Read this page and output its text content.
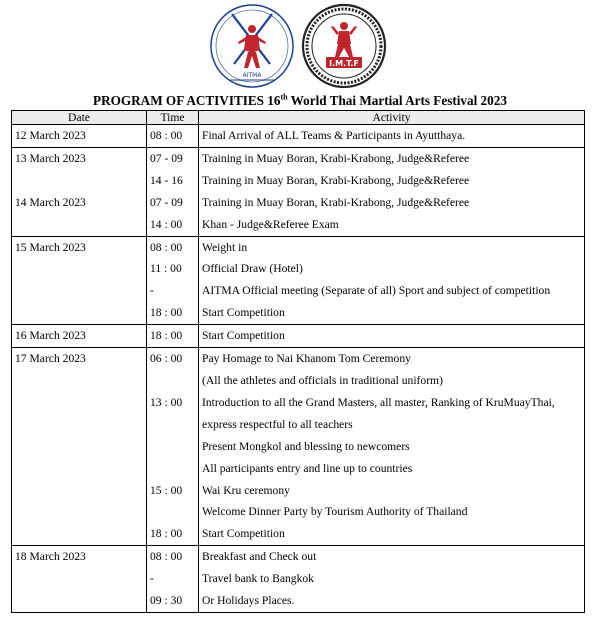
AITMA
I.M.T.F
PROGRAM OF ACTIVITIES 16th World Thai Martial Arts Festival 2023
Date	Time	Activity
12 March 2023	08 : 00	Final Arrival of ALL Teams & Participants in Ayutthaya.
13 March 2023	07 - 09	Training in Muay Boran, Krabi-Krabong, Judge&Referee
	14 - 16	Training in Muay Boran, Krabi-Krabong, Judge&Referee
14 March 2023	07 - 09	Training in Muay Boran, Krabi-Krabong, Judge&Referee
	14 : 00	Khan - Judge&Referee Exam
15 March 2023	08 : 00	Weight in
	11 : 00	Official Draw (Hotel)
	-	AITMA Official meeting (Separate of all) Sport and subject of competition
	18 : 00	Start Competition
16 March 2023	18 : 00	Start Competition
17 March 2023	06 : 00	Pay Homage to Nai Khanom Tom Ceremony
		(All the athletes and officials in traditional uniform)
	13 : 00	Introduction to all the Grand Masters, all master, Ranking of KruMuayThai,
		express respectful to all teachers
		Present Mongkol and blessing to newcomers
		All participants entry and line up to countries
	15 : 00	Wai Kru ceremony
		Welcome Dinner Party by Tourism Authority of Thailand
	18 : 00	Start Competition
18 March 2023	08 : 00	Breakfast and Check out
	-	Travel bank to Bangkok
	09 : 30	Or Holidays Places.
